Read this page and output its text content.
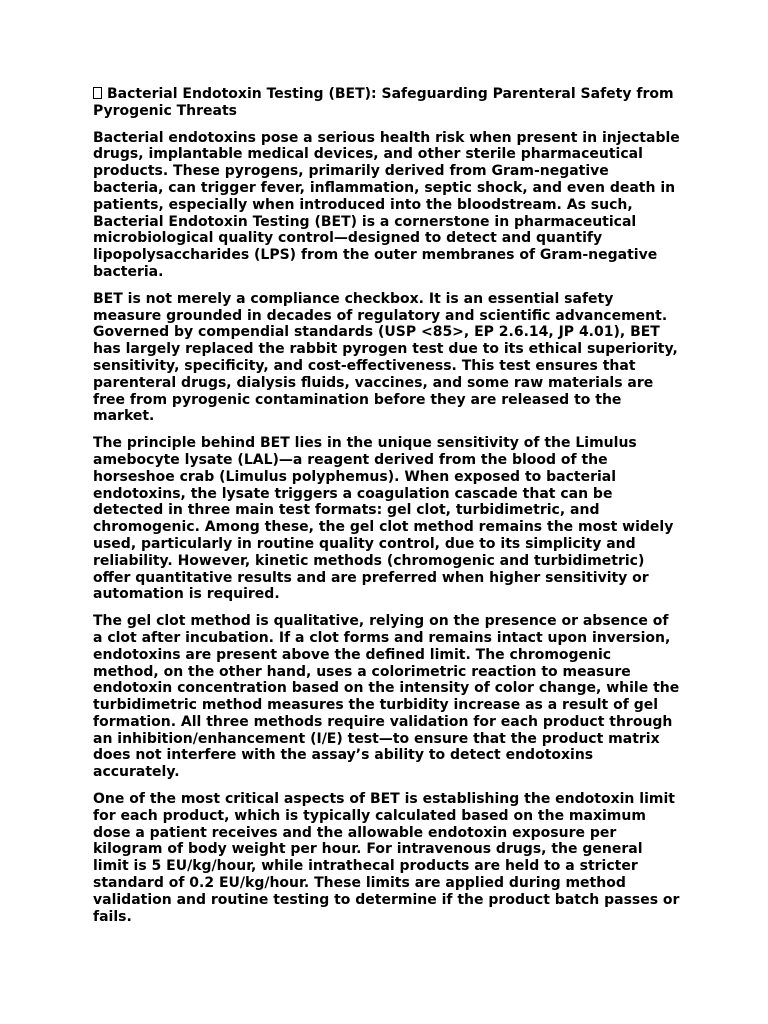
Bacterial Endotoxin Testing (BET): Safeguarding Parenteral Safety from Pyrogenic Threats

Bacterial endotoxins pose a serious health risk when present in injectable drugs, implantable medical devices, and other sterile pharmaceutical products. These pyrogens, primarily derived from Gram-negative bacteria, can trigger fever, inflammation, septic shock, and even death in patients, especially when introduced into the bloodstream. As such, Bacterial Endotoxin Testing (BET) is a cornerstone in pharmaceutical microbiological quality control—designed to detect and quantify lipopolysaccharides (LPS) from the outer membranes of Gram-negative bacteria.

BET is not merely a compliance checkbox. It is an essential safety measure grounded in decades of regulatory and scientific advancement. Governed by compendial standards (USP <85>, EP 2.6.14, JP 4.01), BET has largely replaced the rabbit pyrogen test due to its ethical superiority, sensitivity, specificity, and cost-effectiveness. This test ensures that parenteral drugs, dialysis fluids, vaccines, and some raw materials are free from pyrogenic contamination before they are released to the market.

The principle behind BET lies in the unique sensitivity of the Limulus amebocyte lysate (LAL)—a reagent derived from the blood of the horseshoe crab (Limulus polyphemus). When exposed to bacterial endotoxins, the lysate triggers a coagulation cascade that can be detected in three main test formats: gel clot, turbidimetric, and chromogenic. Among these, the gel clot method remains the most widely used, particularly in routine quality control, due to its simplicity and reliability. However, kinetic methods (chromogenic and turbidimetric) offer quantitative results and are preferred when higher sensitivity or automation is required.

The gel clot method is qualitative, relying on the presence or absence of a clot after incubation. If a clot forms and remains intact upon inversion, endotoxins are present above the defined limit. The chromogenic method, on the other hand, uses a colorimetric reaction to measure endotoxin concentration based on the intensity of color change, while the turbidimetric method measures the turbidity increase as a result of gel formation. All three methods require validation for each product through an inhibition/enhancement (I/E) test—to ensure that the product matrix does not interfere with the assay’s ability to detect endotoxins accurately.

One of the most critical aspects of BET is establishing the endotoxin limit for each product, which is typically calculated based on the maximum dose a patient receives and the allowable endotoxin exposure per kilogram of body weight per hour. For intravenous drugs, the general limit is 5 EU/kg/hour, while intrathecal products are held to a stricter standard of 0.2 EU/kg/hour. These limits are applied during method validation and routine testing to determine if the product batch passes or fails.
